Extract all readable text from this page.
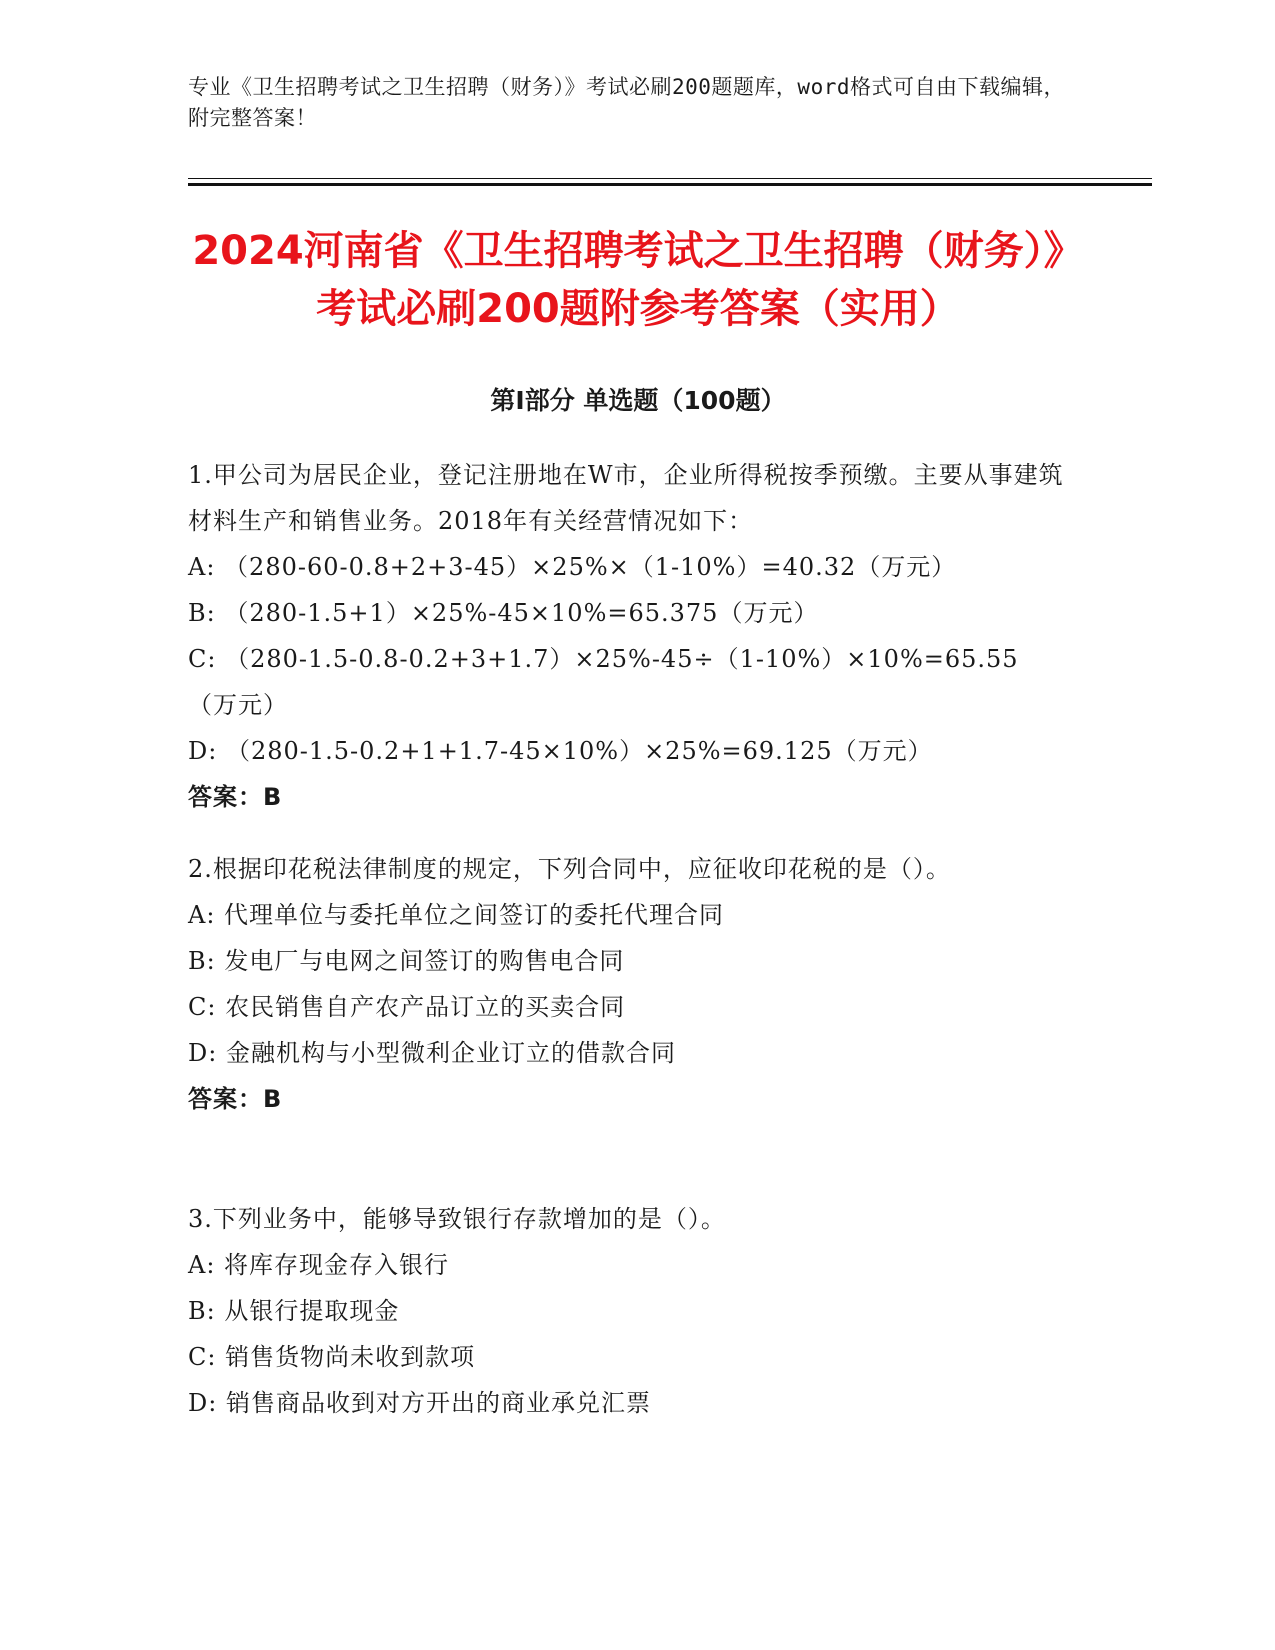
专业《卫生招聘考试之卫生招聘（财务）》考试必刷200题题库，word格式可自由下载编辑，附完整答案！
2024河南省《卫生招聘考试之卫生招聘（财务）》考试必刷200题附参考答案（实用）
第Ⅰ部分 单选题（100题）

1.甲公司为居民企业，登记注册地在W市，企业所得税按季预缴。主要从事建筑材料生产和销售业务。2018年有关经营情况如下：

A: （280-60-0.8+2+3-45）×25%×（1-10%）=40.32（万元）

B: （280-1.5+1）×25%-45×10%=65.375（万元）

C: （280-1.5-0.8-0.2+3+1.7）×25%-45÷（1-10%）×10%=65.55（万元）

D: （280-1.5-0.2+1+1.7-45×10%）×25%=69.125（万元）

答案：B

2.根据印花税法律制度的规定，下列合同中，应征收印花税的是（）。

A: 代理单位与委托单位之间签订的委托代理合同

B: 发电厂与电网之间签订的购售电合同

C: 农民销售自产农产品订立的买卖合同

D: 金融机构与小型微利企业订立的借款合同

答案：B

3.下列业务中，能够导致银行存款增加的是（）。

A: 将库存现金存入银行

B: 从银行提取现金

C: 销售货物尚未收到款项

D: 销售商品收到对方开出的商业承兑汇票
